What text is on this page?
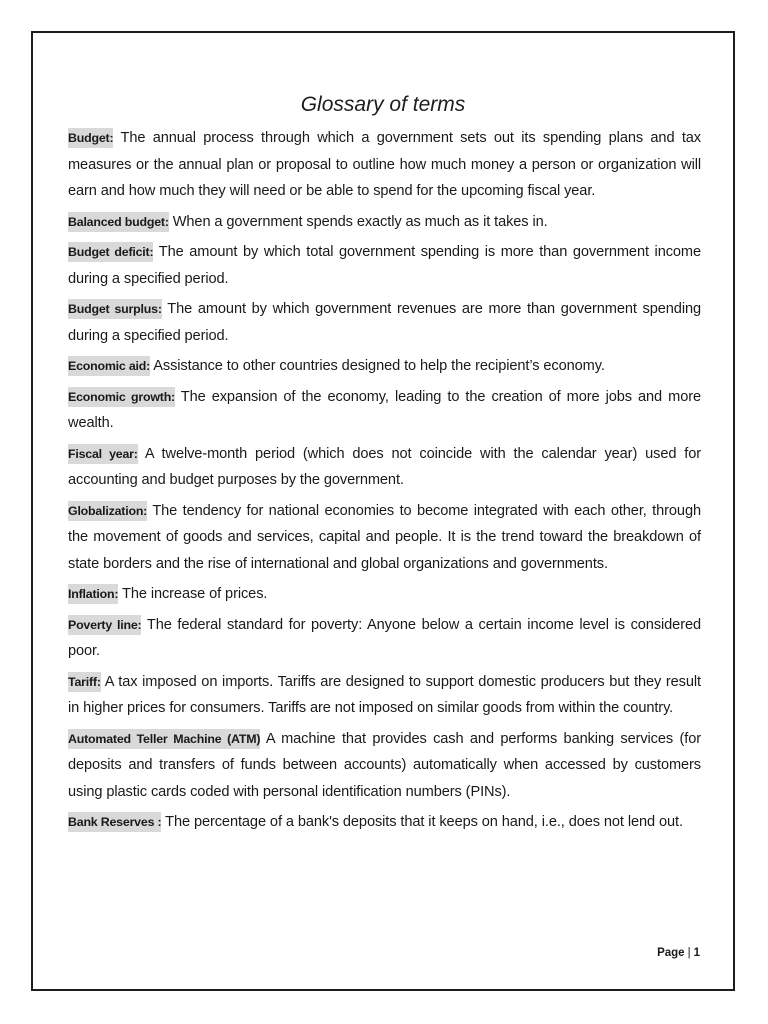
Glossary of terms

Budget: The annual process through which a government sets out its spending plans and tax measures or the annual plan or proposal to outline how much money a person or organization will earn and how much they will need or be able to spend for the upcoming fiscal year.

Balanced budget: When a government spends exactly as much as it takes in.

Budget deficit: The amount by which total government spending is more than government income during a specified period.

Budget surplus: The amount by which government revenues are more than government spending during a specified period.

Economic aid: Assistance to other countries designed to help the recipient’s economy.

Economic growth: The expansion of the economy, leading to the creation of more jobs and more wealth.

Fiscal year: A twelve-month period (which does not coincide with the calendar year) used for accounting and budget purposes by the government.

Globalization: The tendency for national economies to become integrated with each other, through the movement of goods and services, capital and people. It is the trend toward the breakdown of state borders and the rise of international and global organizations and governments.

Inflation: The increase of prices.

Poverty line: The federal standard for poverty: Anyone below a certain income level is considered poor.

Tariff: A tax imposed on imports. Tariffs are designed to support domestic producers but they result in higher prices for consumers. Tariffs are not imposed on similar goods from within the country.

Automated Teller Machine (ATM) A machine that provides cash and performs banking services (for deposits and transfers of funds between accounts) automatically when accessed by customers using plastic cards coded with personal identification numbers (PINs).

Bank Reserves : The percentage of a bank's deposits that it keeps on hand, i.e., does not lend out.

Page | 1
